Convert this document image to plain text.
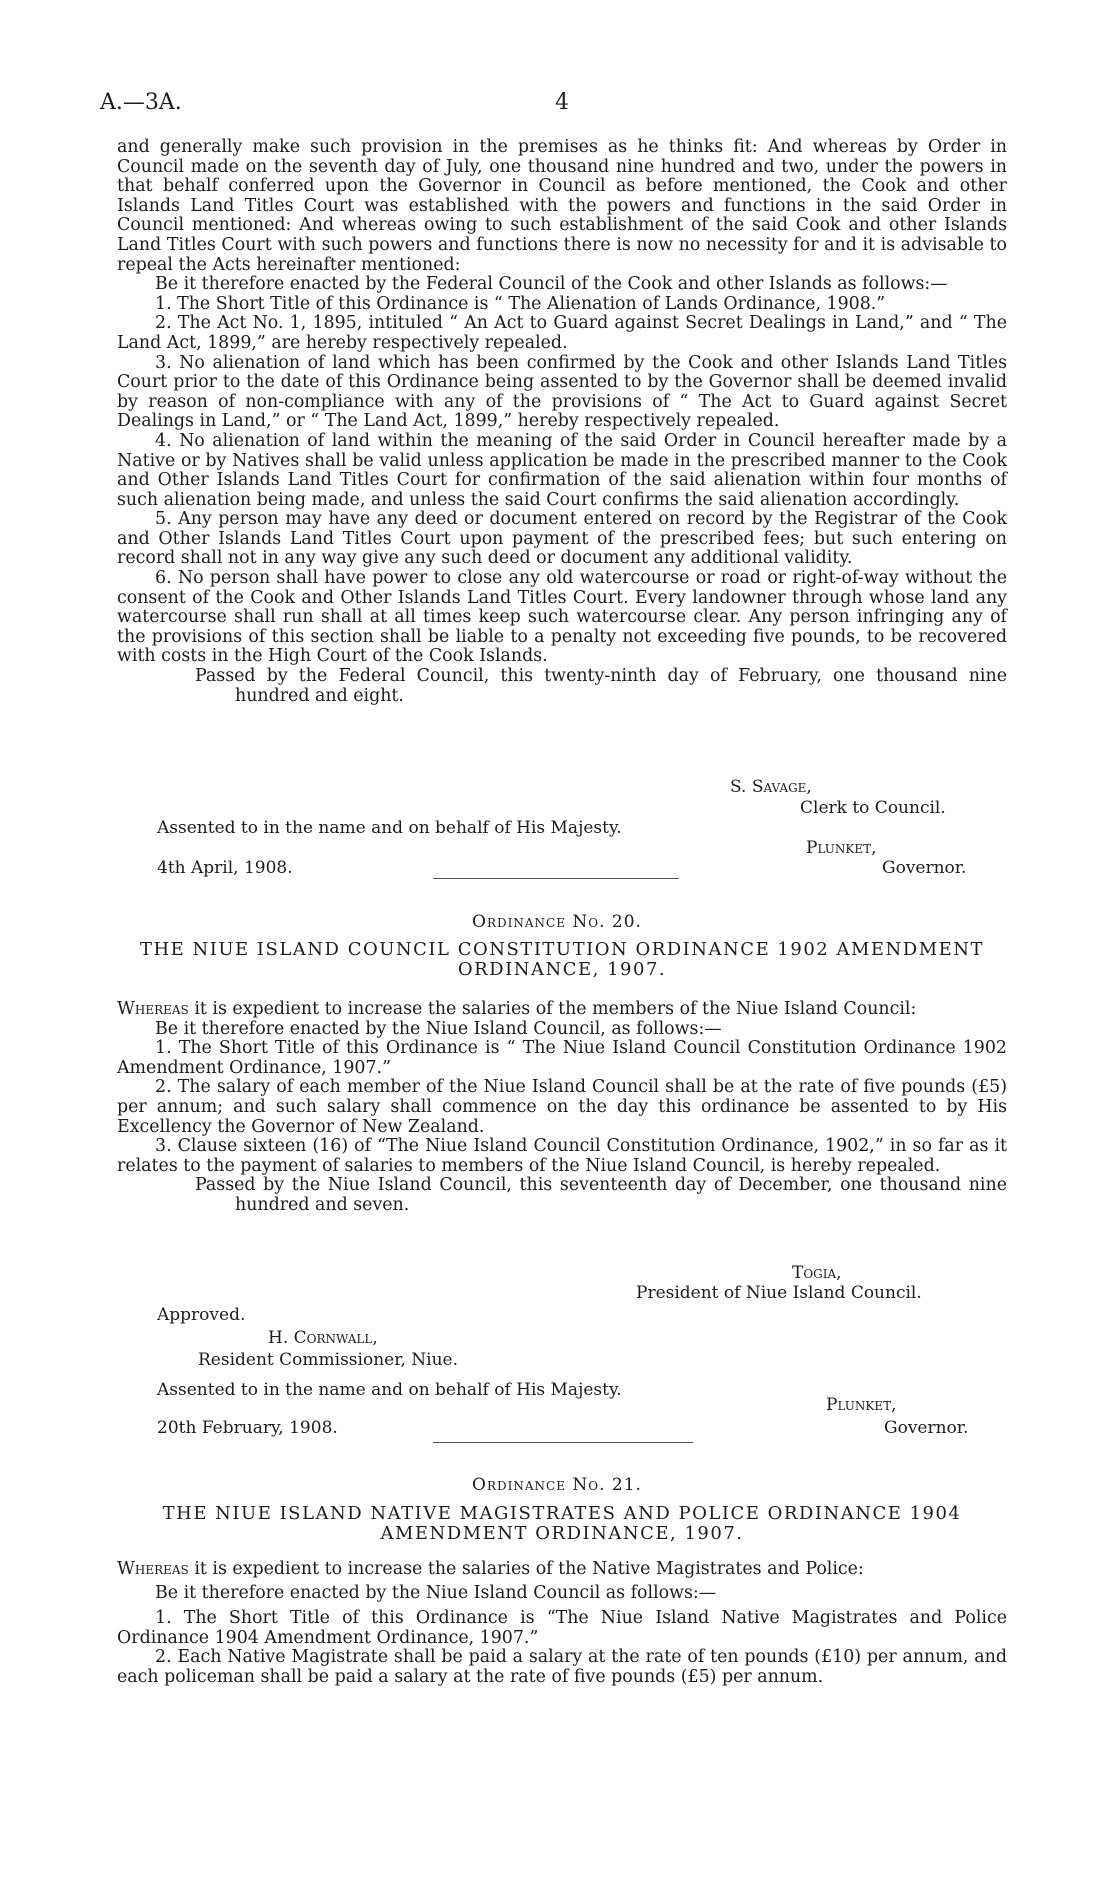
A.—3A.	4

and generally make such provision in the premises as he thinks fit: And whereas by Order in Council made on the seventh day of July, one thousand nine hundred and two, under the powers in that behalf conferred upon the Governor in Council as before mentioned, the Cook and other Islands Land Titles Court was established with the powers and functions in the said Order in Council mentioned: And whereas owing to such establishment of the said Cook and other Islands Land Titles Court with such powers and functions there is now no necessity for and it is advisable to repeal the Acts hereinafter mentioned:

Be it therefore enacted by the Federal Council of the Cook and other Islands as follows:—

1. The Short Title of this Ordinance is “ The Alienation of Lands Ordinance, 1908.”

2. The Act No. 1, 1895, intituled “ An Act to Guard against Secret Dealings in Land,” and “ The Land Act, 1899,” are hereby respectively repealed.

3. No alienation of land which has been confirmed by the Cook and other Islands Land Titles Court prior to the date of this Ordinance being assented to by the Governor shall be deemed invalid by reason of non-compliance with any of the provisions of “ The Act to Guard against Secret Dealings in Land,” or “ The Land Act, 1899,” hereby respectively repealed.

4. No alienation of land within the meaning of the said Order in Council hereafter made by a Native or by Natives shall be valid unless application be made in the prescribed manner to the Cook and Other Islands Land Titles Court for confirmation of the said alienation within four months of such alienation being made, and unless the said Court confirms the said alienation accordingly.

5. Any person may have any deed or document entered on record by the Registrar of the Cook and Other Islands Land Titles Court upon payment of the prescribed fees; but such entering on record shall not in any way give any such deed or document any additional validity.

6. No person shall have power to close any old watercourse or road or right-of-way without the consent of the Cook and Other Islands Land Titles Court. Every landowner through whose land any watercourse shall run shall at all times keep such watercourse clear. Any person infringing any of the provisions of this section shall be liable to a penalty not exceeding five pounds, to be recovered with costs in the High Court of the Cook Islands.

Passed by the Federal Council, this twenty-ninth day of February, one thousand nine hundred and eight.

S. Savage,
Clerk to Council.
Assented to in the name and on behalf of His Majesty.
Plunket,
Governor.
4th April, 1908.
Ordinance No. 20.
THE NIUE ISLAND COUNCIL CONSTITUTION ORDINANCE 1902 AMENDMENT ORDINANCE, 1907.

Whereas it is expedient to increase the salaries of the members of the Niue Island Council:

Be it therefore enacted by the Niue Island Council, as follows:—

1. The Short Title of this Ordinance is “ The Niue Island Council Constitution Ordinance 1902 Amendment Ordinance, 1907.”

2. The salary of each member of the Niue Island Council shall be at the rate of five pounds (£5) per annum; and such salary shall commence on the day this ordinance be assented to by His Excellency the Governor of New Zealand.

3. Clause sixteen (16) of “The Niue Island Council Constitution Ordinance, 1902,” in so far as it relates to the payment of salaries to members of the Niue Island Council, is hereby repealed.

Passed by the Niue Island Council, this seventeenth day of December, one thousand nine hundred and seven.

Togia,
President of Niue Island Council.
Approved.
H. Cornwall,
Resident Commissioner, Niue.
Assented to in the name and on behalf of His Majesty.
Plunket,
Governor.
20th February, 1908.
Ordinance No. 21.
THE NIUE ISLAND NATIVE MAGISTRATES AND POLICE ORDINANCE 1904 AMENDMENT ORDINANCE, 1907.

Whereas it is expedient to increase the salaries of the Native Magistrates and Police:

Be it therefore enacted by the Niue Island Council as follows:—

1. The Short Title of this Ordinance is “The Niue Island Native Magistrates and Police Ordinance 1904 Amendment Ordinance, 1907.”

2. Each Native Magistrate shall be paid a salary at the rate of ten pounds (£10) per annum, and each policeman shall be paid a salary at the rate of five pounds (£5) per annum.
